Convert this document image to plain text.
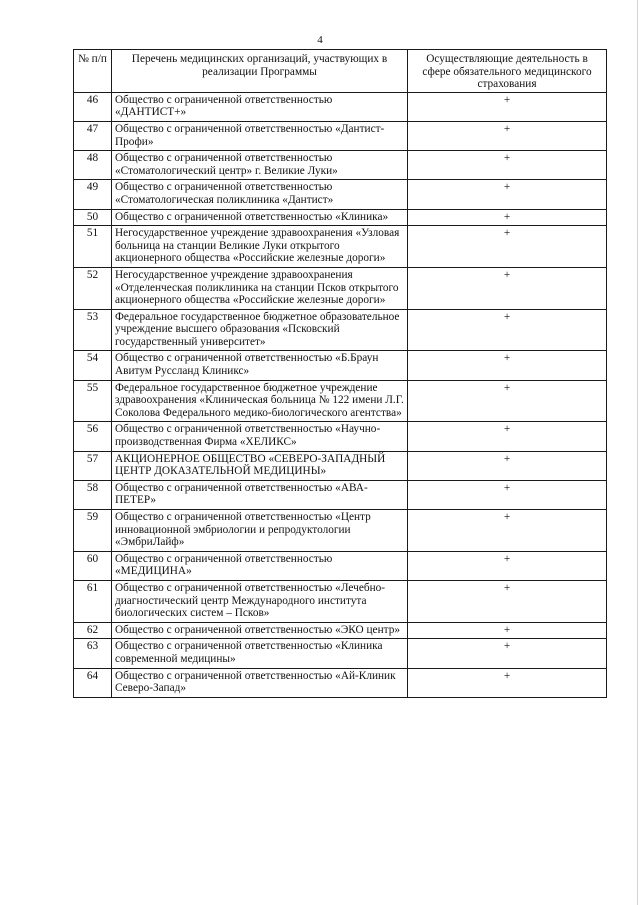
4
№ п/п	Перечень медицинских организаций, участвующих в реализации Программы	Осуществляющие деятельность в сфере обязательного медицинского страхования
46	Общество с ограниченной ответственностью «ДАНТИСТ+»	+
47	Общество с ограниченной ответственностью «Дантист-Профи»	+
48	Общество с ограниченной ответственностью «Стоматологический центр» г. Великие Луки»	+
49	Общество с ограниченной ответственностью «Стоматологическая поликлиника «Дантист»	+
50	Общество с ограниченной ответственностью «Клиника»	+
51	Негосударственное учреждение здравоохранения «Узловая больница на станции Великие Луки открытого акционерного общества «Российские железные дороги»	+
52	Негосударственное учреждение здравоохранения «Отделенческая поликлиника на станции Псков открытого акционерного общества «Российские железные дороги»	+
53	Федеральное государственное бюджетное образовательное учреждение высшего образования «Псковский государственный университет»	+
54	Общество с ограниченной ответственностью «Б.Браун Авитум Руссланд Клиникс»	+
55	Федеральное государственное бюджетное учреждение здравоохранения «Клиническая больница № 122 имени Л.Г. Соколова Федерального медико-биологического агентства»	+
56	Общество с ограниченной ответственностью «Научно-производственная Фирма «ХЕЛИКС»	+
57	АКЦИОНЕРНОЕ ОБЩЕСТВО «СЕВЕРО-ЗАПАДНЫЙ ЦЕНТР ДОКАЗАТЕЛЬНОЙ МЕДИЦИНЫ»	+
58	Общество с ограниченной ответственностью «АВА-ПЕТЕР»	+
59	Общество с ограниченной ответственностью «Центр инновационной эмбриологии и репродуктологии «ЭмбриЛайф»	+
60	Общество с ограниченной ответственностью «МЕДИЦИНА»	+
61	Общество с ограниченной ответственностью «Лечебно-диагностический центр Международного института биологических систем – Псков»	+
62	Общество с ограниченной ответственностью «ЭКО центр»	+
63	Общество с ограниченной ответственностью «Клиника современной медицины»	+
64	Общество с ограниченной ответственностью «Ай-Клиник Северо-Запад»	+
